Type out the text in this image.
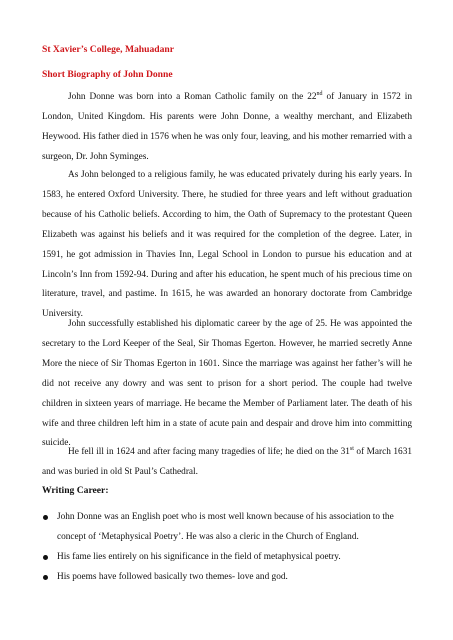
St Xavier’s College, Mahuadanr
Short Biography of John Donne

John Donne was born into a Roman Catholic family on the 22nd of January in 1572 in London, United Kingdom. His parents were John Donne, a wealthy merchant, and Elizabeth Heywood. His father died in 1576 when he was only four, leaving, and his mother remarried with a surgeon, Dr. John Syminges.

As John belonged to a religious family, he was educated privately during his early years. In 1583, he entered Oxford University. There, he studied for three years and left without graduation because of his Catholic beliefs. According to him, the Oath of Supremacy to the protestant Queen Elizabeth was against his beliefs and it was required for the completion of the degree. Later, in 1591, he got admission in Thavies Inn, Legal School in London to pursue his education and at Lincoln’s Inn from 1592-94. During and after his education, he spent much of his precious time on literature, travel, and pastime. In 1615, he was awarded an honorary doctorate from Cambridge University.

John successfully established his diplomatic career by the age of 25. He was appointed the secretary to the Lord Keeper of the Seal, Sir Thomas Egerton. However, he married secretly Anne More the niece of Sir Thomas Egerton in 1601. Since the marriage was against her father’s will he did not receive any dowry and was sent to prison for a short period. The couple had twelve children in sixteen years of marriage. He became the Member of Parliament later. The death of his wife and three children left him in a state of acute pain and despair and drove him into committing suicide.

He fell ill in 1624 and after facing many tragedies of life; he died on the 31st of March 1631 and was buried in old St Paul’s Cathedral.

Writing Career:
John Donne was an English poet who is most well known because of his association to the concept of ‘Metaphysical Poetry’. He was also a cleric in the Church of England.
His fame lies entirely on his significance in the field of metaphysical poetry.
His poems have followed basically two themes- love and god.
